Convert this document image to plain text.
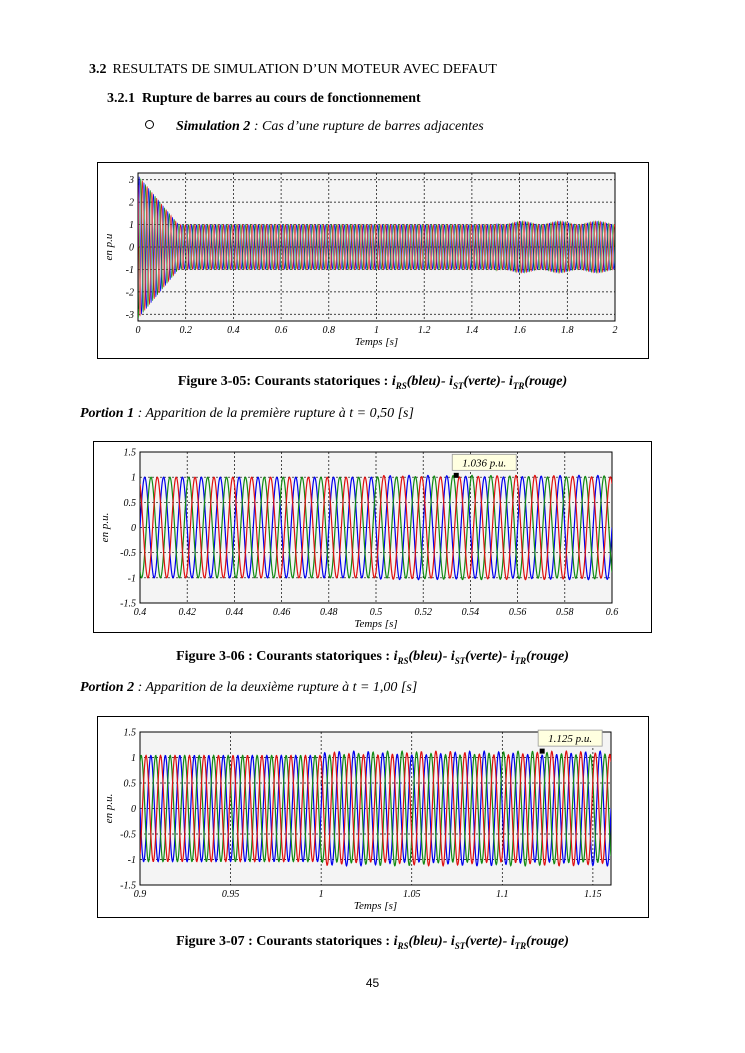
3.2 RESULTATS DE SIMULATION D’UN MOTEUR AVEC DEFAUT
3.2.1 Rupture de barres au cours de fonctionnement
Simulation 2 : Cas d’une rupture de barres adjacentes
0	0.2	0.4	0.6	0.8	1	1.2	1.4	1.6	1.8	2
3
2
1
0
-1
-2
-3
Temps [s]
en p.u
Figure 3-05: Courants statoriques : $i_{RS}(bleu)-$ $i_{ST}(verte)-$ $i_{TR}(rouge)$
Portion 1 : Apparition de la première rupture à t = 0,50 [s]
0.4	0.42	0.44	0.46	0.48	0.5	0.52	0.54	0.56	0.58	0.6
1.5
1
0.5
0
-0.5
-1
-1.5
Temps [s]
en p.u.
1.036 p.u.
Figure 3-06 : Courants statoriques : $i_{RS}(bleu)-$ $i_{ST}(verte)-$ $i_{TR}(rouge)$
Portion 2 : Apparition de la deuxième rupture à t = 1,00 [s]
0.9	0.95	1	1.05	1.1	1.15
1.5
1
0.5
0
-0.5
-1
-1.5
Temps [s]
en p.u.
1.125 p.u.
Figure 3-07 : Courants statoriques : $i_{RS}(bleu)-$ $i_{ST}(verte)-$ $i_{TR}(rouge)$
45
